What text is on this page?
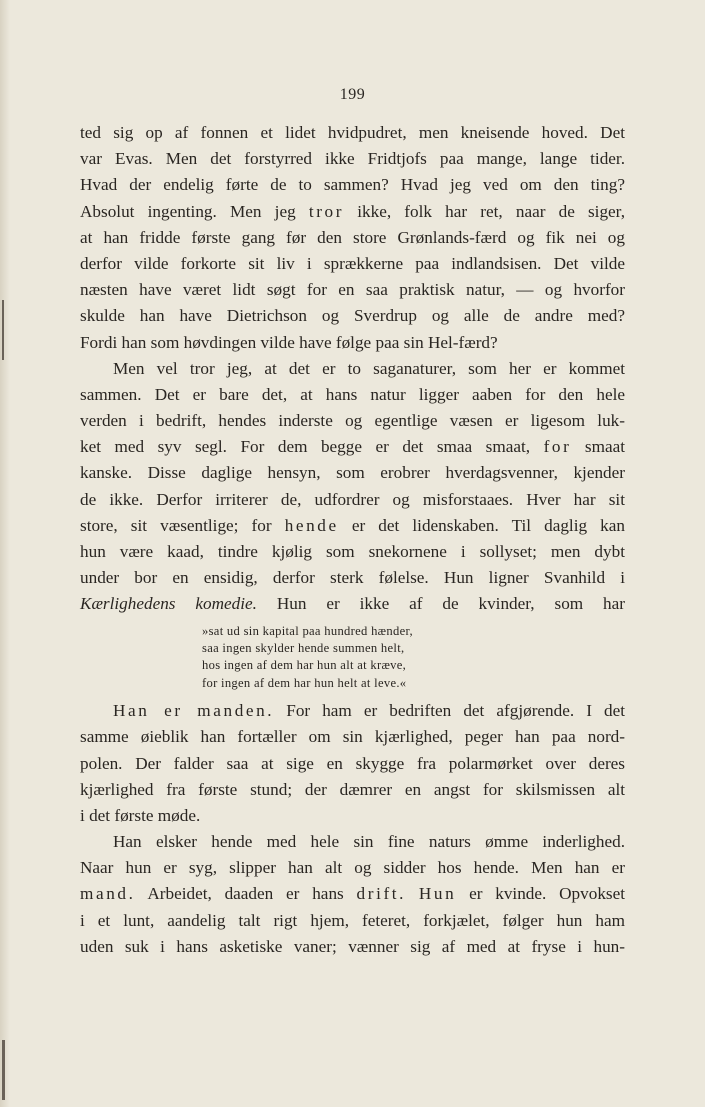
199
ted sig op af fonnen et lidet hvidpudret, men kneisende hoved. Det
var Evas. Men det forstyrred ikke Fridtjofs paa mange, lange tider.
Hvad der endelig førte de to sammen? Hvad jeg ved om den ting?
Absolut ingenting. Men jeg tror ikke, folk har ret, naar de siger,
at han fridde første gang før den store Grønlands-færd og fik nei og
derfor vilde forkorte sit liv i sprækkerne paa indlandsisen. Det vilde
næsten have været lidt søgt for en saa praktisk natur, — og hvorfor
skulde han have Dietrichson og Sverdrup og alle de andre med?
Fordi han som høvdingen vilde have følge paa sin Hel-færd?
Men vel tror jeg, at det er to saganaturer, som her er kommet
sammen. Det er bare det, at hans natur ligger aaben for den hele
verden i bedrift, hendes inderste og egentlige væsen er ligesom luk-
ket med syv segl. For dem begge er det smaa smaat, for smaat
kanske. Disse daglige hensyn, som erobrer hverdagsvenner, kjender
de ikke. Derfor irriterer de, udfordrer og misforstaaes. Hver har sit
store, sit væsentlige; for hende er det lidenskaben. Til daglig kan
hun være kaad, tindre kjølig som snekornene i sollyset; men dybt
under bor en ensidig, derfor sterk følelse. Hun ligner Svanhild i
Kærlighedens komedie. Hun er ikke af de kvinder, som har
»sat ud sin kapital paa hundred hænder,
saa ingen skylder hende summen helt,
hos ingen af dem har hun alt at kræve,
for ingen af dem har hun helt at leve.«
Han er manden. For ham er bedriften det afgjørende. I det
samme øieblik han fortæller om sin kjærlighed, peger han paa nord-
polen. Der falder saa at sige en skygge fra polarmørket over deres
kjærlighed fra første stund; der dæmrer en angst for skilsmissen alt
i det første møde.
Han elsker hende med hele sin fine naturs ømme inderlighed.
Naar hun er syg, slipper han alt og sidder hos hende. Men han er
mand. Arbeidet, daaden er hans drift. Hun er kvinde. Opvokset
i et lunt, aandelig talt rigt hjem, feteret, forkjælet, følger hun ham
uden suk i hans asketiske vaner; vænner sig af med at fryse i hun-
